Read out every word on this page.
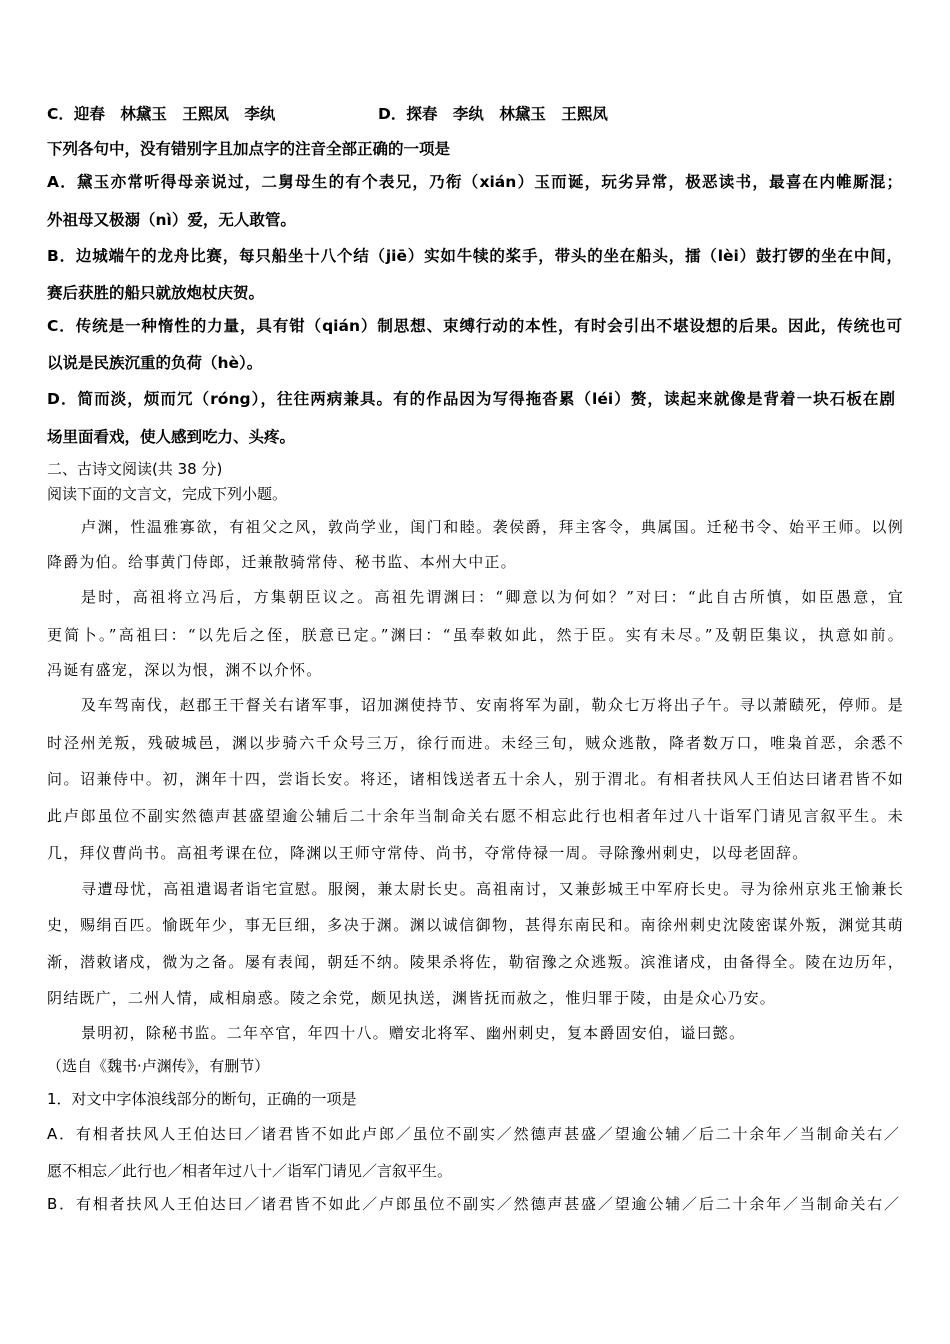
C．迎春　林黛玉　王熙凤　李纨	D．探春　李纨　林黛玉　王熙凤
下列各句中，没有错别字且加点字的注音全部正确的一项是
A．黛玉亦常听得母亲说过，二舅母生的有个表兄，乃衔（xián）玉而诞，玩劣异常，极恶读书，最喜在内帷厮混；
外祖母又极溺（nì）爱，无人敢管。
B．边城端午的龙舟比赛，每只船坐十八个结（jiē）实如牛犊的桨手，带头的坐在船头，擂（lèi）鼓打锣的坐在中间，
赛后获胜的船只就放炮杖庆贺。
C．传统是一种惰性的力量，具有钳（qián）制思想、束缚行动的本性，有时会引出不堪设想的后果。因此，传统也可
以说是民族沉重的负荷（hè）。
D．简而淡，烦而冗（róng），往往两病兼具。有的作品因为写得拖沓累（léi）赘，读起来就像是背着一块石板在剧
场里面看戏，使人感到吃力、头疼。
二、古诗文阅读(共 38 分)
阅读下面的文言文，完成下列小题。
卢渊，性温雅寡欲，有祖父之风，敦尚学业，闺门和睦。袭侯爵，拜主客令，典属国。迁秘书令、始平王师。以例
降爵为伯。给事黄门侍郎，迁兼散骑常侍、秘书监、本州大中正。
是时，高祖将立冯后，方集朝臣议之。高祖先谓渊曰：“卿意以为何如？”对曰：“此自古所慎，如臣愚意，宜
更简卜。”高祖曰：“以先后之侄，朕意已定。”渊曰：“虽奉敕如此，然于臣。实有未尽。”及朝臣集议，执意如前。
冯诞有盛宠，深以为恨，渊不以介怀。
及车驾南伐，赵郡王干督关右诸军事，诏加渊使持节、安南将军为副，勒众七万将出子午。寻以萧赜死，停师。是
时泾州羌叛，残破城邑，渊以步骑六千众号三万，徐行而进。未经三旬，贼众逃散，降者数万口，唯枭首恶，余悉不
问。诏兼侍中。初，渊年十四，尝诣长安。将还，诸相饯送者五十余人，别于渭北。有相者扶风人王伯达曰诸君皆不如
此卢郎虽位不副实然德声甚盛望逾公辅后二十余年当制命关右愿不相忘此行也相者年过八十诣军门请见言叙平生。未
几，拜仪曹尚书。高祖考课在位，降渊以王师守常侍、尚书，夺常侍禄一周。寻除豫州刺史，以母老固辞。
寻遭母忧，高祖遣谒者诣宅宣慰。服阕，兼太尉长史。高祖南讨，又兼彭城王中军府长史。寻为徐州京兆王愉兼长
史，赐绢百匹。愉既年少，事无巨细，多决于渊。渊以诚信御物，甚得东南民和。南徐州刺史沈陵密谋外叛，渊觉其萌
渐，潜敕诸戍，微为之备。屡有表闻，朝廷不纳。陵果杀将佐，勒宿豫之众逃叛。滨淮诸戍，由备得全。陵在边历年，
阴结既广，二州人情，咸相扇惑。陵之余党，颇见执送，渊皆抚而赦之，惟归罪于陵，由是众心乃安。
景明初，除秘书监。二年卒官，年四十八。赠安北将军、幽州刺史，复本爵固安伯，谥曰懿。
（选自《魏书·卢渊传》，有删节）
1．对文中字体浪线部分的断句，正确的一项是
A．有相者扶风人王伯达曰／诸君皆不如此卢郎／虽位不副实／然德声甚盛／望逾公辅／后二十余年／当制命关右／
愿不相忘／此行也／相者年过八十／诣军门请见／言叙平生。
B．有相者扶风人王伯达曰／诸君皆不如此／卢郎虽位不副实／然德声甚盛／望逾公辅／后二十余年／当制命关右／
